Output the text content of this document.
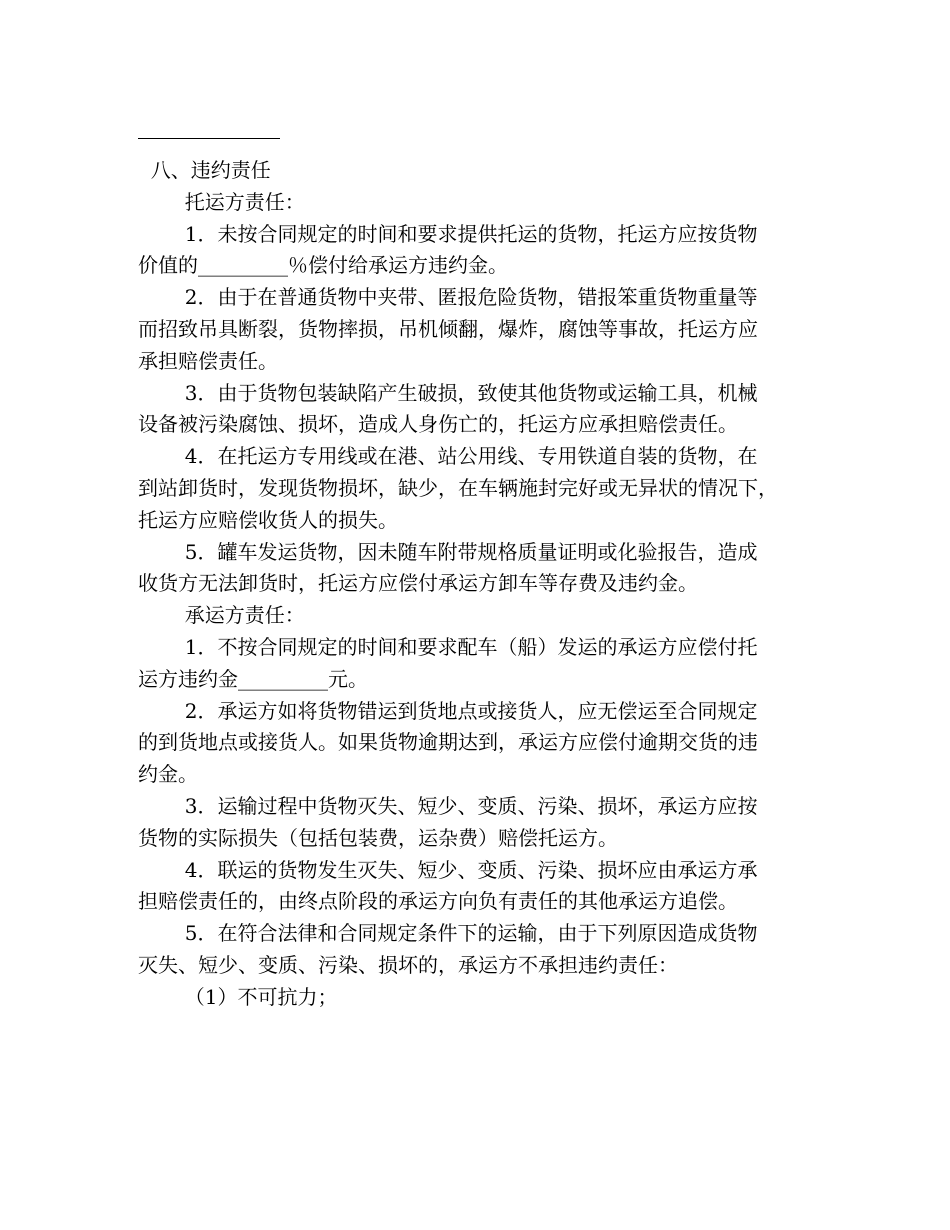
八、违约责任
托运方责任：
1．未按合同规定的时间和要求提供托运的货物，托运方应按货物
价值的_________％偿付给承运方违约金。
2．由于在普通货物中夹带、匿报危险货物，错报笨重货物重量等
而招致吊具断裂，货物摔损，吊机倾翻，爆炸，腐蚀等事故，托运方应
承担赔偿责任。
3．由于货物包装缺陷产生破损，致使其他货物或运输工具，机械
设备被污染腐蚀、损坏，造成人身伤亡的，托运方应承担赔偿责任。
4．在托运方专用线或在港、站公用线、专用铁道自装的货物，在
到站卸货时，发现货物损坏，缺少，在车辆施封完好或无异状的情况下，
托运方应赔偿收货人的损失。
5．罐车发运货物，因未随车附带规格质量证明或化验报告，造成
收货方无法卸货时，托运方应偿付承运方卸车等存费及违约金。
承运方责任：
1．不按合同规定的时间和要求配车（船）发运的承运方应偿付托
运方违约金_________元。
2．承运方如将货物错运到货地点或接货人，应无偿运至合同规定
的到货地点或接货人。如果货物逾期达到，承运方应偿付逾期交货的违
约金。
3．运输过程中货物灭失、短少、变质、污染、损坏，承运方应按
货物的实际损失（包括包装费，运杂费）赔偿托运方。
4．联运的货物发生灭失、短少、变质、污染、损坏应由承运方承
担赔偿责任的，由终点阶段的承运方向负有责任的其他承运方追偿。
5．在符合法律和合同规定条件下的运输，由于下列原因造成货物
灭失、短少、变质、污染、损坏的，承运方不承担违约责任：
（1）不可抗力；
